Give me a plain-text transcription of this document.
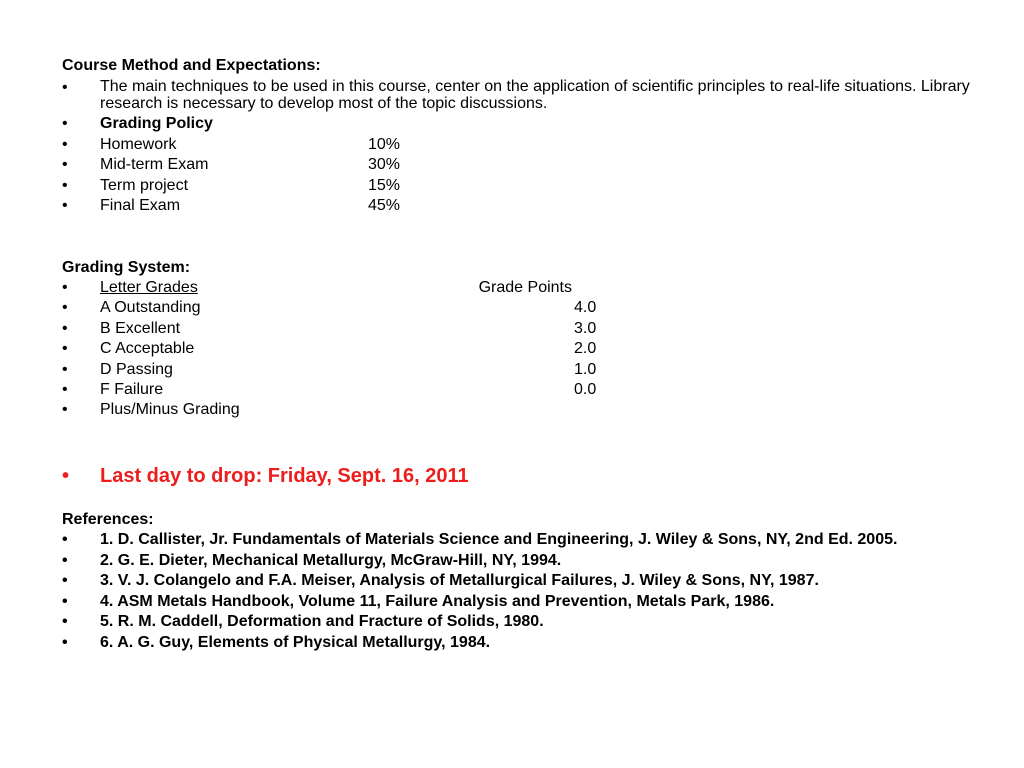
Course Method and Expectations:
• The main techniques to be used in this course, center on the application of scientific principles to real-life situations. Library research is necessary to develop most of the topic discussions.
• Grading Policy
• Homework	10%
• Mid-term Exam	30%
• Term project	15%
• Final Exam	45%
Grading System:
• Letter Grades	Grade Points
• A Outstanding	4.0
• B Excellent	3.0
• C Acceptable	2.0
• D Passing	1.0
• F Failure	0.0
• Plus/Minus Grading
• Last day to drop: Friday, Sept. 16, 2011
References:
• 1. D. Callister, Jr. Fundamentals of Materials Science and Engineering, J. Wiley & Sons, NY, 2nd Ed. 2005.
• 2. G. E. Dieter, Mechanical Metallurgy, McGraw-Hill, NY, 1994.
• 3. V. J. Colangelo and F.A. Meiser, Analysis of Metallurgical Failures, J. Wiley & Sons, NY, 1987.
• 4. ASM Metals Handbook, Volume 11, Failure Analysis and Prevention, Metals Park, 1986.
• 5. R. M. Caddell, Deformation and Fracture of Solids, 1980.
• 6. A. G. Guy, Elements of Physical Metallurgy, 1984.
